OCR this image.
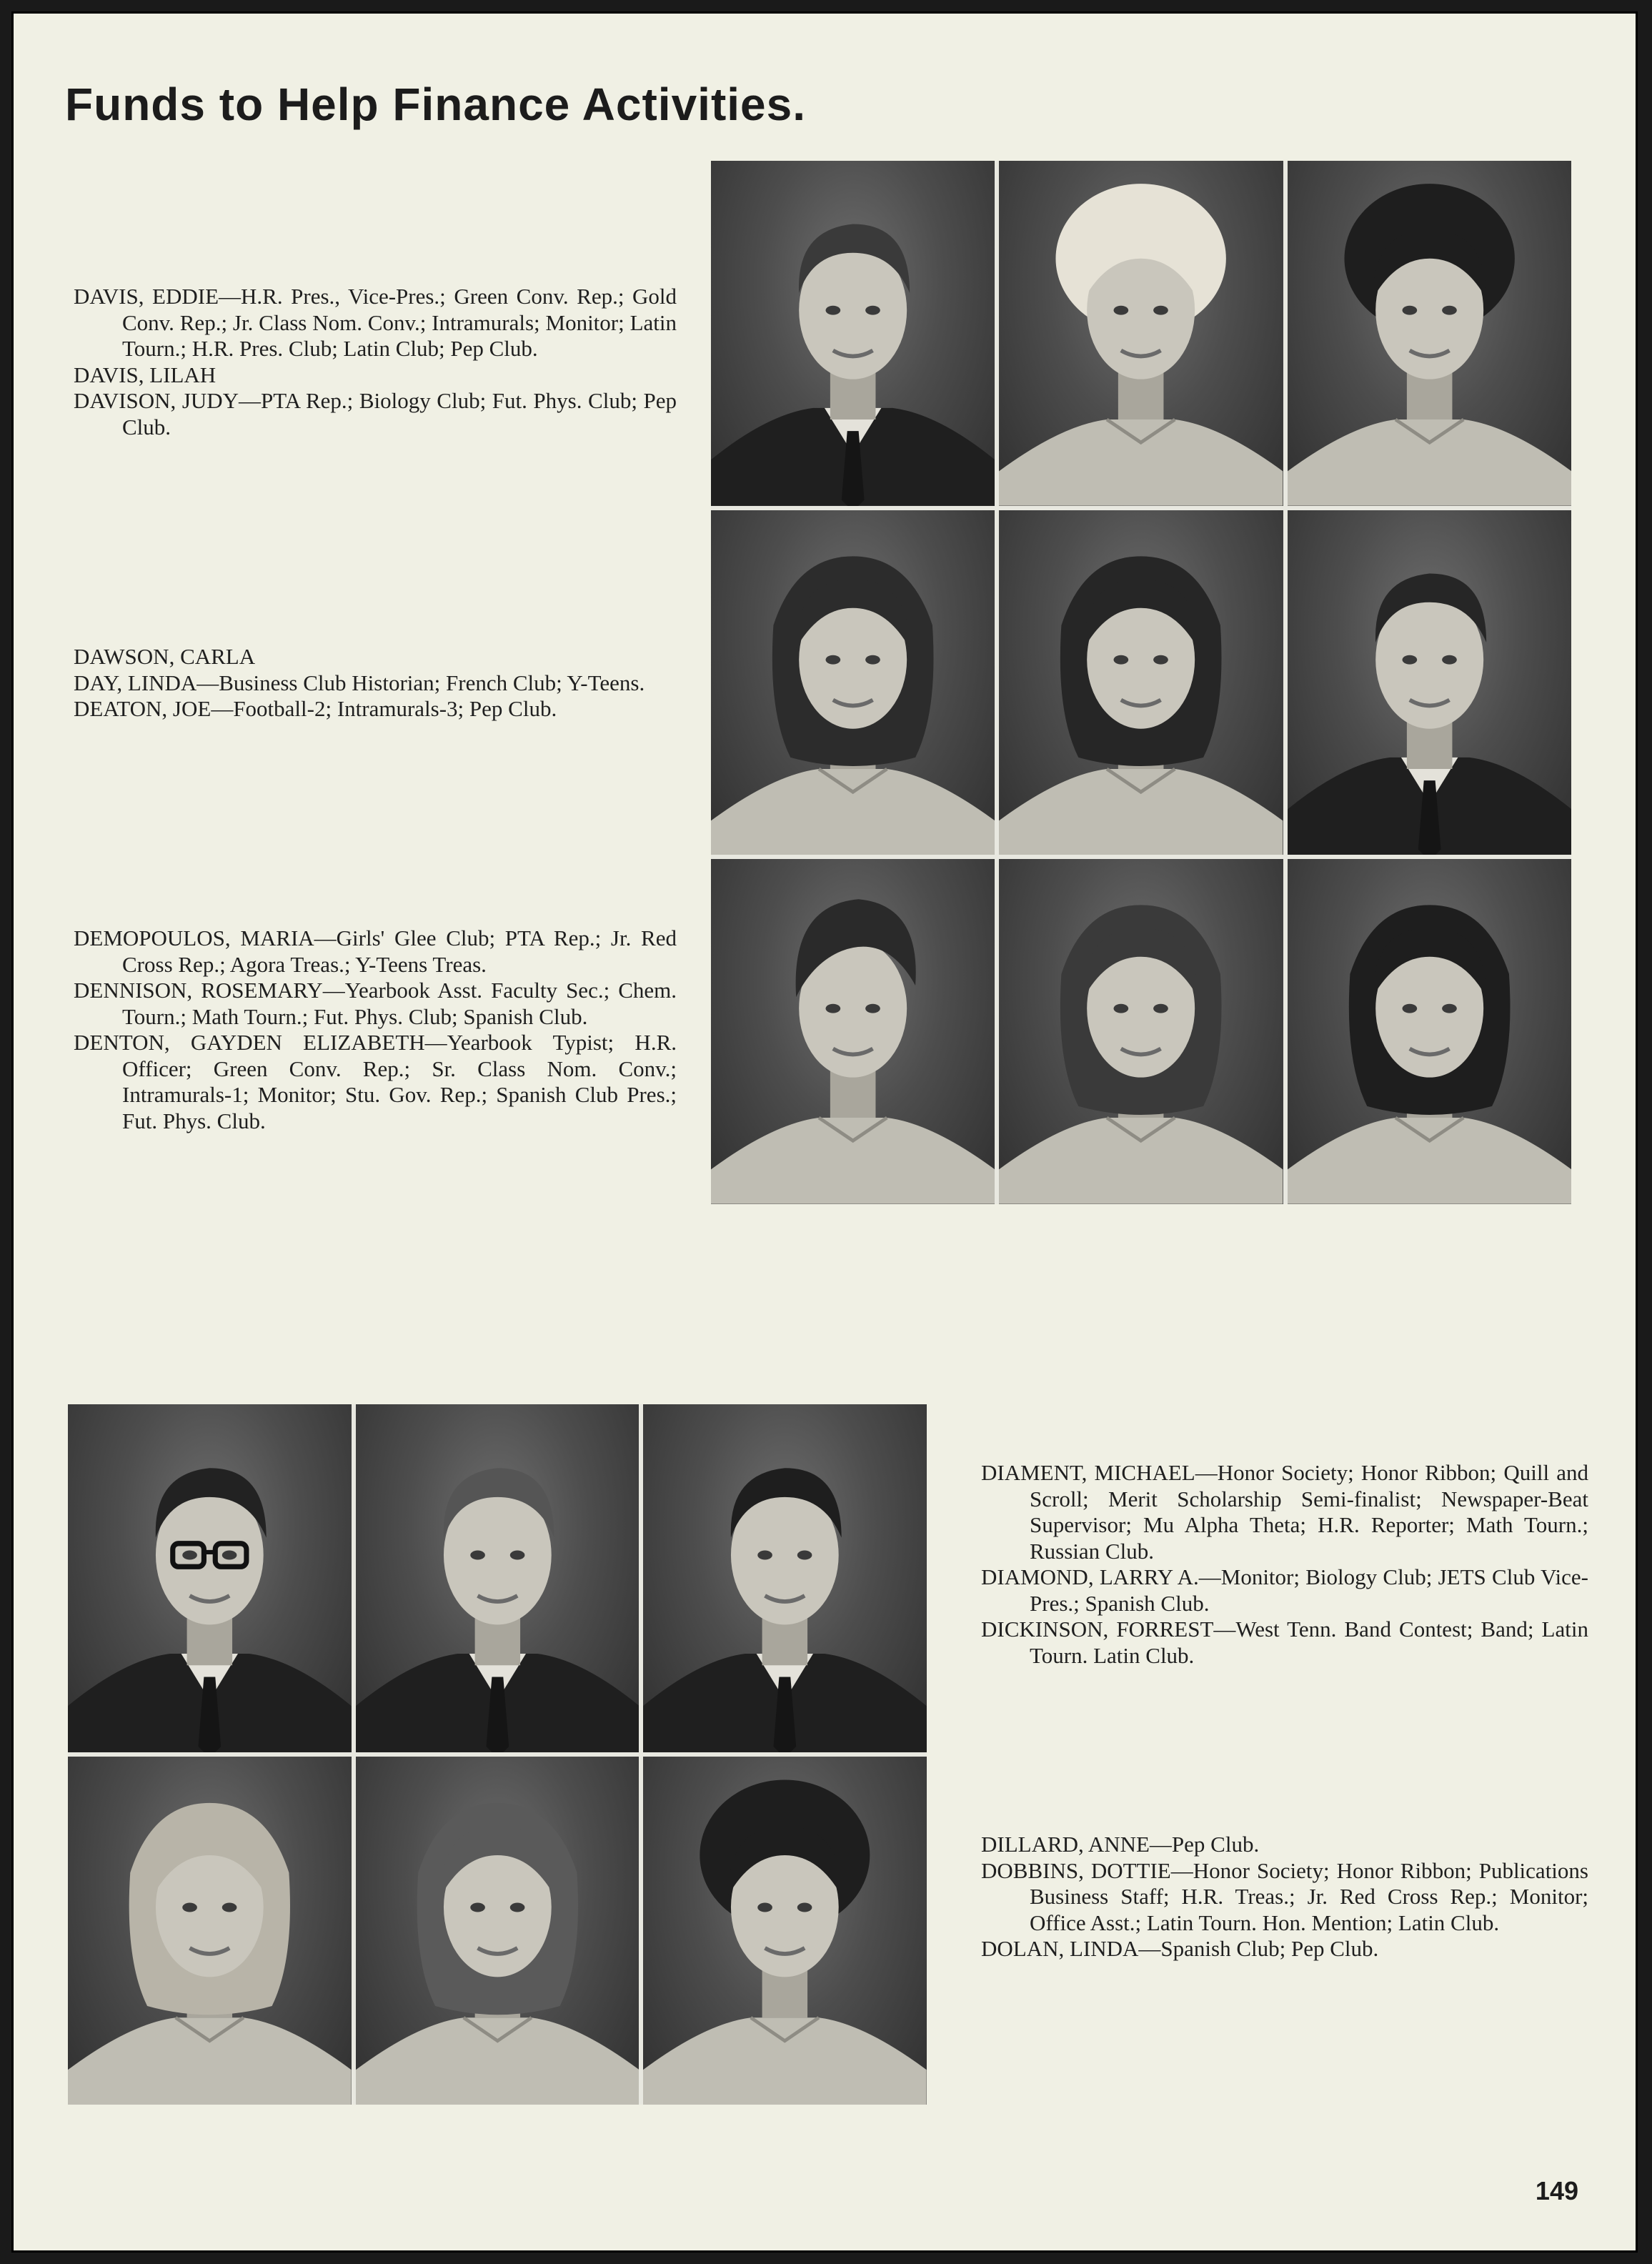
Funds to Help Finance Activities.

DAVIS, EDDIE—H.R. Pres., Vice-Pres.; Green Conv. Rep.; Gold Conv. Rep.; Jr. Class Nom. Conv.; Intramurals; Monitor; Latin Tourn.; H.R. Pres. Club; Latin Club; Pep Club.

DAVIS, LILAH

DAVISON, JUDY—PTA Rep.; Biology Club; Fut. Phys. Club; Pep Club.

DAWSON, CARLA

DAY, LINDA—Business Club Historian; French Club; Y-Teens.

DEATON, JOE—Football-2; Intramurals-3; Pep Club.

DEMOPOULOS, MARIA—Girls' Glee Club; PTA Rep.; Jr. Red Cross Rep.; Agora Treas.; Y-Teens Treas.

DENNISON, ROSEMARY—Yearbook Asst. Faculty Sec.; Chem. Tourn.; Math Tourn.; Fut. Phys. Club; Spanish Club.

DENTON, GAYDEN ELIZABETH—Yearbook Typist; H.R. Officer; Green Conv. Rep.; Sr. Class Nom. Conv.; Intramurals-1; Monitor; Stu. Gov. Rep.; Spanish Club Pres.; Fut. Phys. Club.

DIAMENT, MICHAEL—Honor Society; Honor Ribbon; Quill and Scroll; Merit Scholarship Semi-finalist; Newspaper-Beat Supervisor; Mu Alpha Theta; H.R. Reporter; Math Tourn.; Russian Club.

DIAMOND, LARRY A.—Monitor; Biology Club; JETS Club Vice-Pres.; Spanish Club.

DICKINSON, FORREST—West Tenn. Band Contest; Band; Latin Tourn. Latin Club.

DILLARD, ANNE—Pep Club.

DOBBINS, DOTTIE—Honor Society; Honor Ribbon; Publications Business Staff; H.R. Treas.; Jr. Red Cross Rep.; Monitor; Office Asst.; Latin Tourn. Hon. Mention; Latin Club.

DOLAN, LINDA—Spanish Club; Pep Club.

149
